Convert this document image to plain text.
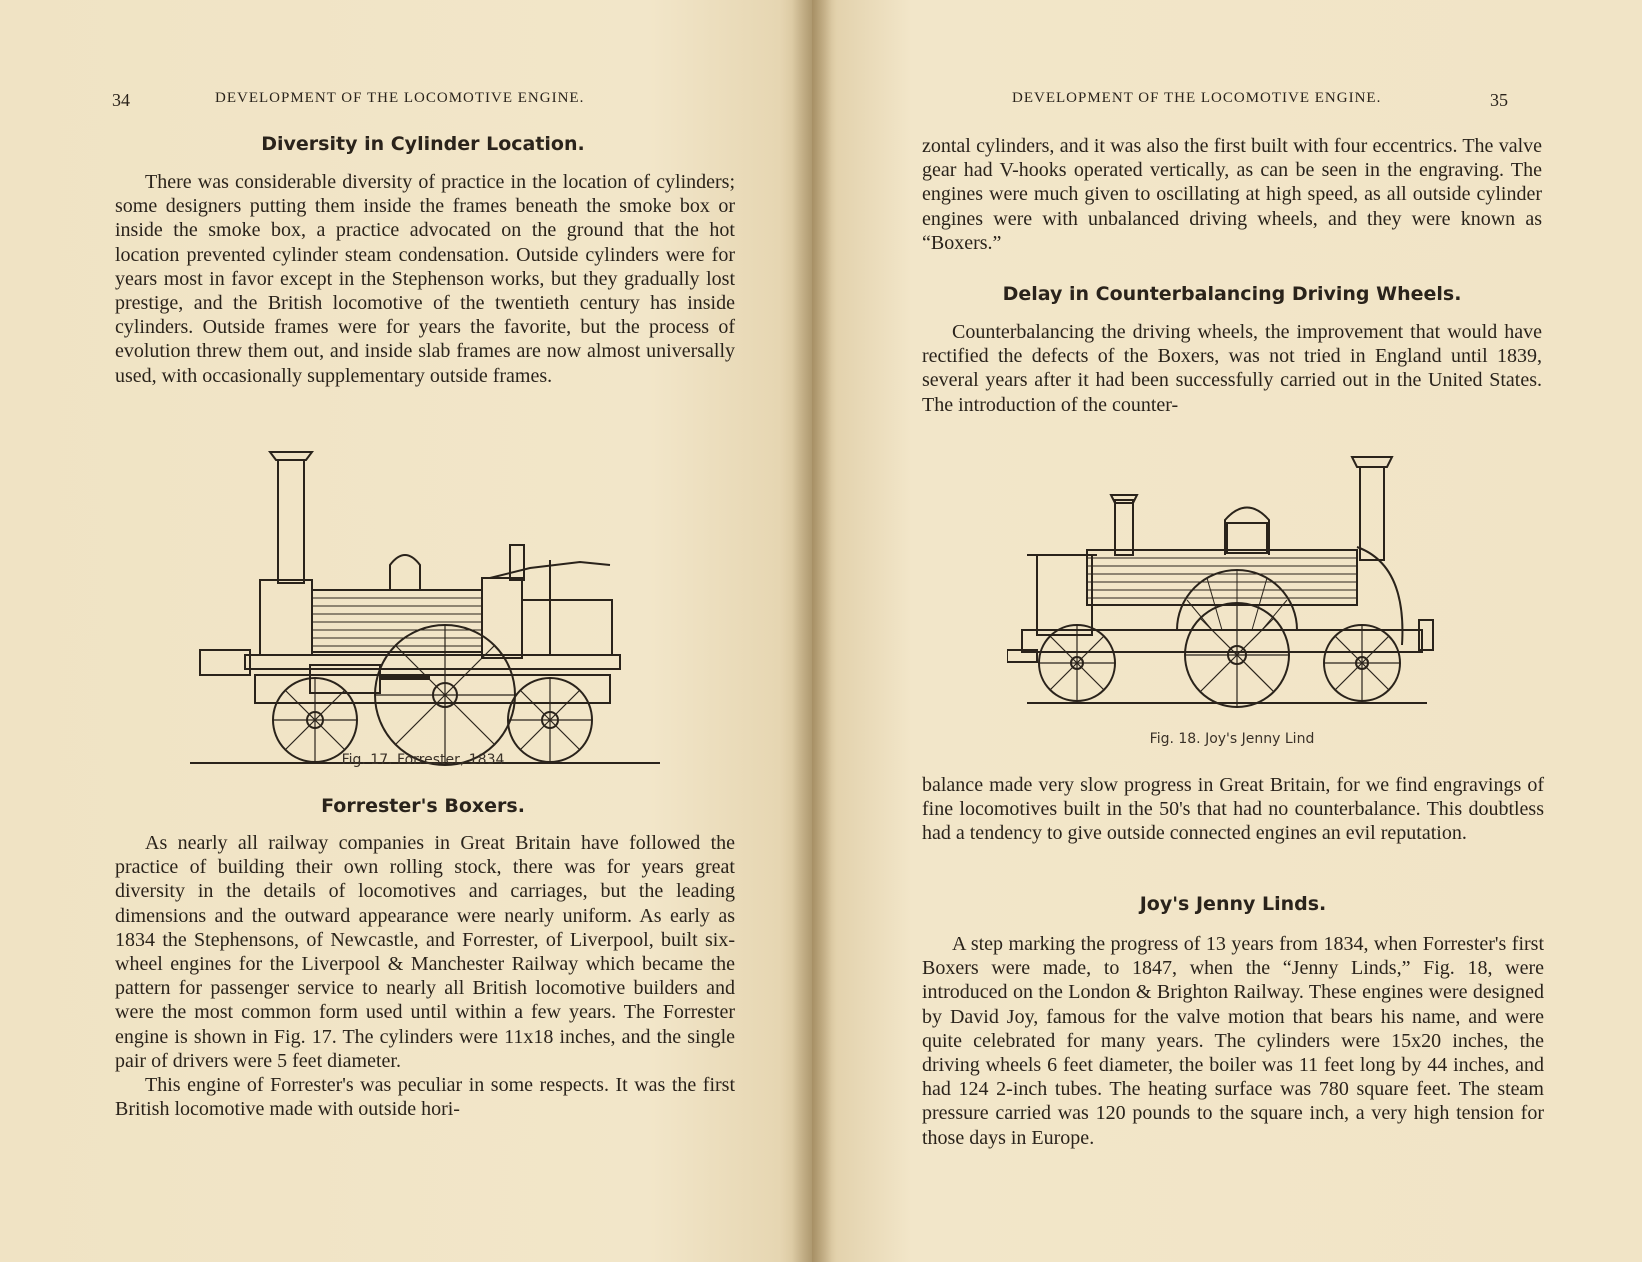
34	DEVELOPMENT OF THE LOCOMOTIVE ENGINE.
Diversity in Cylinder Location.

There was considerable diversity of practice in the location of cylinders; some designers putting them inside the frames beneath the smoke box or inside the smoke box, a practice advocated on the ground that the hot location prevented cylinder steam condensation. Outside cylinders were for years most in favor except in the Stephenson works, but they gradually lost prestige, and the British locomotive of the twentieth century has inside cylinders. Outside frames were for years the favorite, but the process of evolution threw them out, and inside slab frames are now almost universally used, with occasionally supplementary outside frames.

Fig. 17. Forrester, 1834
Forrester's Boxers.

As nearly all railway companies in Great Britain have followed the practice of building their own rolling stock, there was for years great diversity in the details of locomotives and carriages, but the leading dimensions and the outward appearance were nearly uniform. As early as 1834 the Stephensons, of Newcastle, and Forrester, of Liverpool, built six-wheel engines for the Liverpool & Manchester Railway which became the pattern for passenger service to nearly all British locomotive builders and were the most common form used until within a few years. The Forrester engine is shown in Fig. 17. The cylinders were 11x18 inches, and the single pair of drivers were 5 feet diameter.

This engine of Forrester's was peculiar in some respects. It was the first British locomotive made with outside hori-

DEVELOPMENT OF THE LOCOMOTIVE ENGINE.	35

zontal cylinders, and it was also the first built with four eccentrics. The valve gear had V-hooks operated vertically, as can be seen in the engraving. The engines were much given to oscillating at high speed, as all outside cylinder engines were with unbalanced driving wheels, and they were known as “Boxers.”

Delay in Counterbalancing Driving Wheels.

Counterbalancing the driving wheels, the improvement that would have rectified the defects of the Boxers, was not tried in England until 1839, several years after it had been successfully carried out in the United States. The introduction of the counter-

Fig. 18. Joy's Jenny Lind

balance made very slow progress in Great Britain, for we find engravings of fine locomotives built in the 50's that had no counterbalance. This doubtless had a tendency to give outside connected engines an evil reputation.

Joy's Jenny Linds.

A step marking the progress of 13 years from 1834, when Forrester's first Boxers were made, to 1847, when the “Jenny Linds,” Fig. 18, were introduced on the London & Brighton Railway. These engines were designed by David Joy, famous for the valve motion that bears his name, and were quite celebrated for many years. The cylinders were 15x20 inches, the driving wheels 6 feet diameter, the boiler was 11 feet long by 44 inches, and had 124 2-inch tubes. The heating surface was 780 square feet. The steam pressure carried was 120 pounds to the square inch, a very high tension for those days in Europe.
